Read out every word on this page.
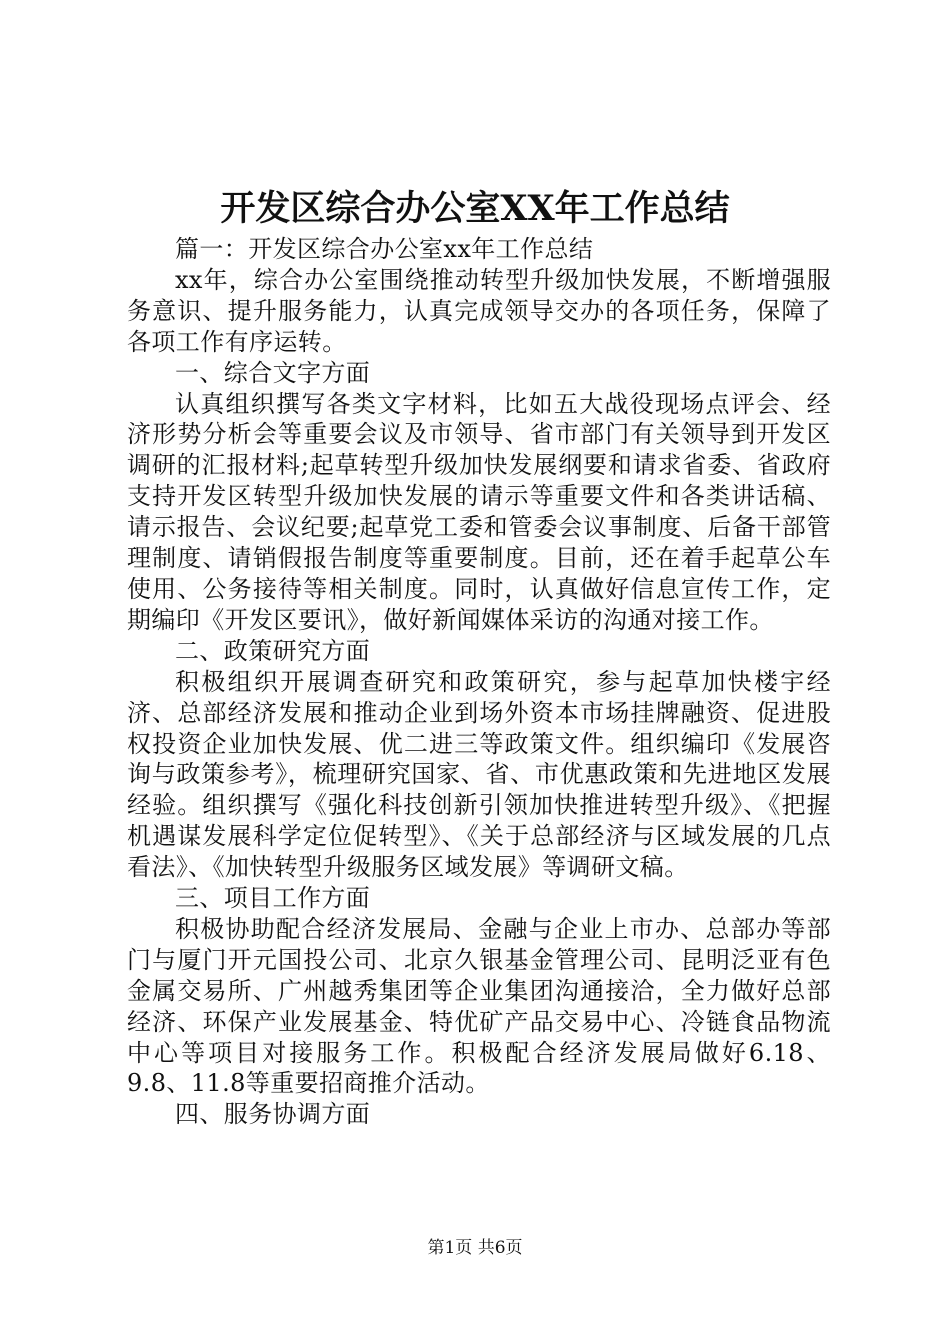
开发区综合办公室XX年工作总结

篇一：开发区综合办公室xx年工作总结

xx年，综合办公室围绕推动转型升级加快发展，不断增强服务意识、提升服务能力，认真完成领导交办的各项任务，保障了各项工作有序运转。

一、综合文字方面

认真组织撰写各类文字材料，比如五大战役现场点评会、经济形势分析会等重要会议及市领导、省市部门有关领导到开发区调研的汇报材料;起草转型升级加快发展纲要和请求省委、省政府支持开发区转型升级加快发展的请示等重要文件和各类讲话稿、请示报告、会议纪要;起草党工委和管委会议事制度、后备干部管理制度、请销假报告制度等重要制度。目前，还在着手起草公车使用、公务接待等相关制度。同时，认真做好信息宣传工作，定期编印《开发区要讯》，做好新闻媒体采访的沟通对接工作。

二、政策研究方面

积极组织开展调查研究和政策研究，参与起草加快楼宇经济、总部经济发展和推动企业到场外资本市场挂牌融资、促进股权投资企业加快发展、优二进三等政策文件。组织编印《发展咨询与政策参考》，梳理研究国家、省、市优惠政策和先进地区发展经验。组织撰写《强化科技创新引领加快推进转型升级》、《把握机遇谋发展科学定位促转型》、《关于总部经济与区域发展的几点看法》、《加快转型升级服务区域发展》等调研文稿。

三、项目工作方面

积极协助配合经济发展局、金融与企业上市办、总部办等部门与厦门开元国投公司、北京久银基金管理公司、昆明泛亚有色金属交易所、广州越秀集团等企业集团沟通接洽，全力做好总部经济、环保产业发展基金、特优矿产品交易中心、冷链食品物流中心等项目对接服务工作。积极配合经济发展局做好6.18、9.8、11.8等重要招商推介活动。

四、服务协调方面

第1页 共6页
